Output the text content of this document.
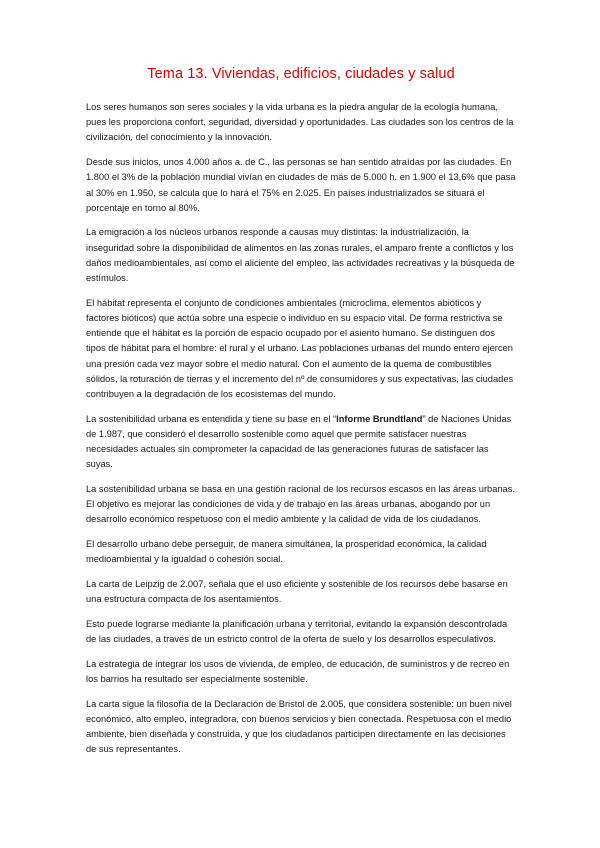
Tema 13. Viviendas, edificios, ciudades y salud

Los seres humanos son seres sociales y la vida urbana es la piedra angular de la ecología humana, pues les proporciona confort, seguridad, diversidad y oportunidades. Las ciudades son los centros de la civilización, del conocimiento y la innovación.

Desde sus inicios, unos 4.000 años a. de C., las personas se han sentido atraídas por las ciudades. En 1.800 el 3% de la población mundial vivían en ciudades de más de 5.000 h. en 1.900 el 13,6% que pasa al 30% en 1.950, se calcula que lo hará el 75% en 2.025. En países industrializados se situará el porcentaje en torno al 80%.

La emigración a los núcleos urbanos responde a causas muy distintas: la industrialización, la inseguridad sobre la disponibilidad de alimentos en las zonas rurales, el amparo frente a conflictos y los daños medioambientales, así como el aliciente del empleo, las actividades recreativas y la búsqueda de estímulos.

El hábitat representa el conjunto de condiciones ambientales (microclima, elementos abióticos y factores bióticos) que actúa sobre una especie o individuo en su espacio vital. De forma restrictiva se entiende que el hábitat es la porción de espacio ocupado por el asiento humano. Se distinguen dos tipos de hábitat para el hombre: el rural y el urbano. Las poblaciones urbanas del mundo entero ejercen una presión cada vez mayor sobre el medio natural. Con el aumento de la quema de combustibles sólidos, la roturación de tierras y el incremento del nº de consumidores y sus expectativas, las ciudades contribuyen a la degradación de los ecosistemas del mundo.

La sostenibilidad urbana es entendida y tiene su base en el “Informe Brundtland” de Naciones Unidas de 1.987, que consideró el desarrollo sostenible como aquel que permite satisfacer nuestras necesidades actuales sin comprometer la capacidad de las generaciones futuras de satisfacer las suyas.

La sostenibilidad urbana se basa en una gestión racional de los recursos escasos en las áreas urbanas. El objetivo es mejorar las condiciones de vida y de trabajo en las áreas urbanas, abogando por un desarrollo económico respetuoso con el medio ambiente y la calidad de vida de los ciudadanos.

El desarrollo urbano debe perseguir, de manera simultánea, la prosperidad económica, la calidad medioambiental y la igualdad o cohesión social.

La carta de Leipzig de 2.007, señala que el uso eficiente y sostenible de los recursos debe basarse en una estructura compacta de los asentamientos.

Esto puede lograrse mediante la planificación urbana y territorial, evitando la expansión descontrolada de las ciudades, a través de un estricto control de la oferta de suelo y los desarrollos especulativos.

La estrategia de integrar los usos de vivienda, de empleo, de educación, de suministros y de recreo en los barrios ha resultado ser especialmente sostenible.

La carta sigue la filosofía de la Declaración de Bristol de 2.005, que considera sostenible: un buen nivel económico, alto empleo, integradora, con buenos servicios y bien conectada. Respetuosa con el medio ambiente, bien diseñada y construida, y que los ciudadanos participen directamente en las decisiones de sus representantes.
